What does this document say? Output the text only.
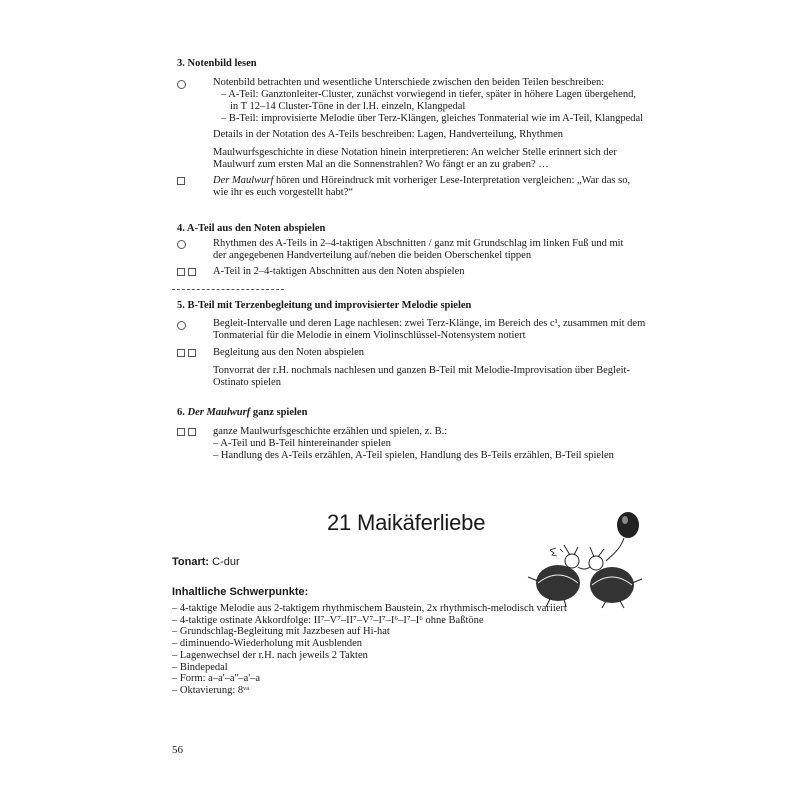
3. Notenbild lesen
Notenbild betrachten und wesentliche Unterschiede zwischen den beiden Teilen beschreiben:
– A-Teil: Ganztonleiter-Cluster, zunächst vorwiegend in tiefer, später in höhere Lagen übergehend,
in T 12–14 Cluster-Töne in der l.H. einzeln, Klangpedal
– B-Teil: improvisierte Melodie über Terz-Klängen, gleiches Tonmaterial wie im A-Teil, Klangpedal
Details in der Notation des A-Teils beschreiben: Lagen, Handverteilung, Rhythmen
Maulwurfsgeschichte in diese Notation hinein interpretieren: An welcher Stelle erinnert sich der
Maulwurf zum ersten Mal an die Sonnenstrahlen? Wo fängt er an zu graben? …
Der Maulwurf hören und Höreindruck mit vorheriger Lese-Interpretation vergleichen: „War das so,
wie ihr es euch vorgestellt habt?“
4. A-Teil aus den Noten abspielen
Rhythmen des A-Teils in 2–4-taktigen Abschnitten / ganz mit Grundschlag im linken Fuß und mit
der angegebenen Handverteilung auf/neben die beiden Oberschenkel tippen
A-Teil in 2–4-taktigen Abschnitten aus den Noten abspielen
5. B-Teil mit Terzenbegleitung und improvisierter Melodie spielen
Begleit-Intervalle und deren Lage nachlesen: zwei Terz-Klänge, im Bereich des c¹, zusammen mit dem
Tonmaterial für die Melodie in einem Violinschlüssel-Notensystem notiert
Begleitung aus den Noten abspielen
Tonvorrat der r.H. nochmals nachlesen und ganzen B-Teil mit Melodie-Improvisation über Begleit-
Ostinato spielen
6. Der Maulwurf ganz spielen
ganze Maulwurfsgeschichte erzählen und spielen, z. B.:
– A-Teil und B-Teil hintereinander spielen
– Handlung des A-Teils erzählen, A-Teil spielen, Handlung des B-Teils erzählen, B-Teil spielen
21 Maikäferliebe
Tonart: C-dur
Inhaltliche Schwerpunkte:
– 4-taktige Melodie aus 2-taktigem rhythmischem Baustein, 2x rhythmisch-melodisch variiert
– 4-taktige ostinate Akkordfolge: II⁷–V⁷–II⁷–V⁷–I⁷–I⁶–I⁷–I⁶ ohne Baßtöne
– Grundschlag-Begleitung mit Jazzbesen auf Hi-hat
– diminuendo-Wiederholung mit Ausblenden
– Lagenwechsel der r.H. nach jeweils 2 Takten
– Bindepedal
– Form: a–a'–a''–a'–a
– Oktavierung: 8ᵛᵃ
56
